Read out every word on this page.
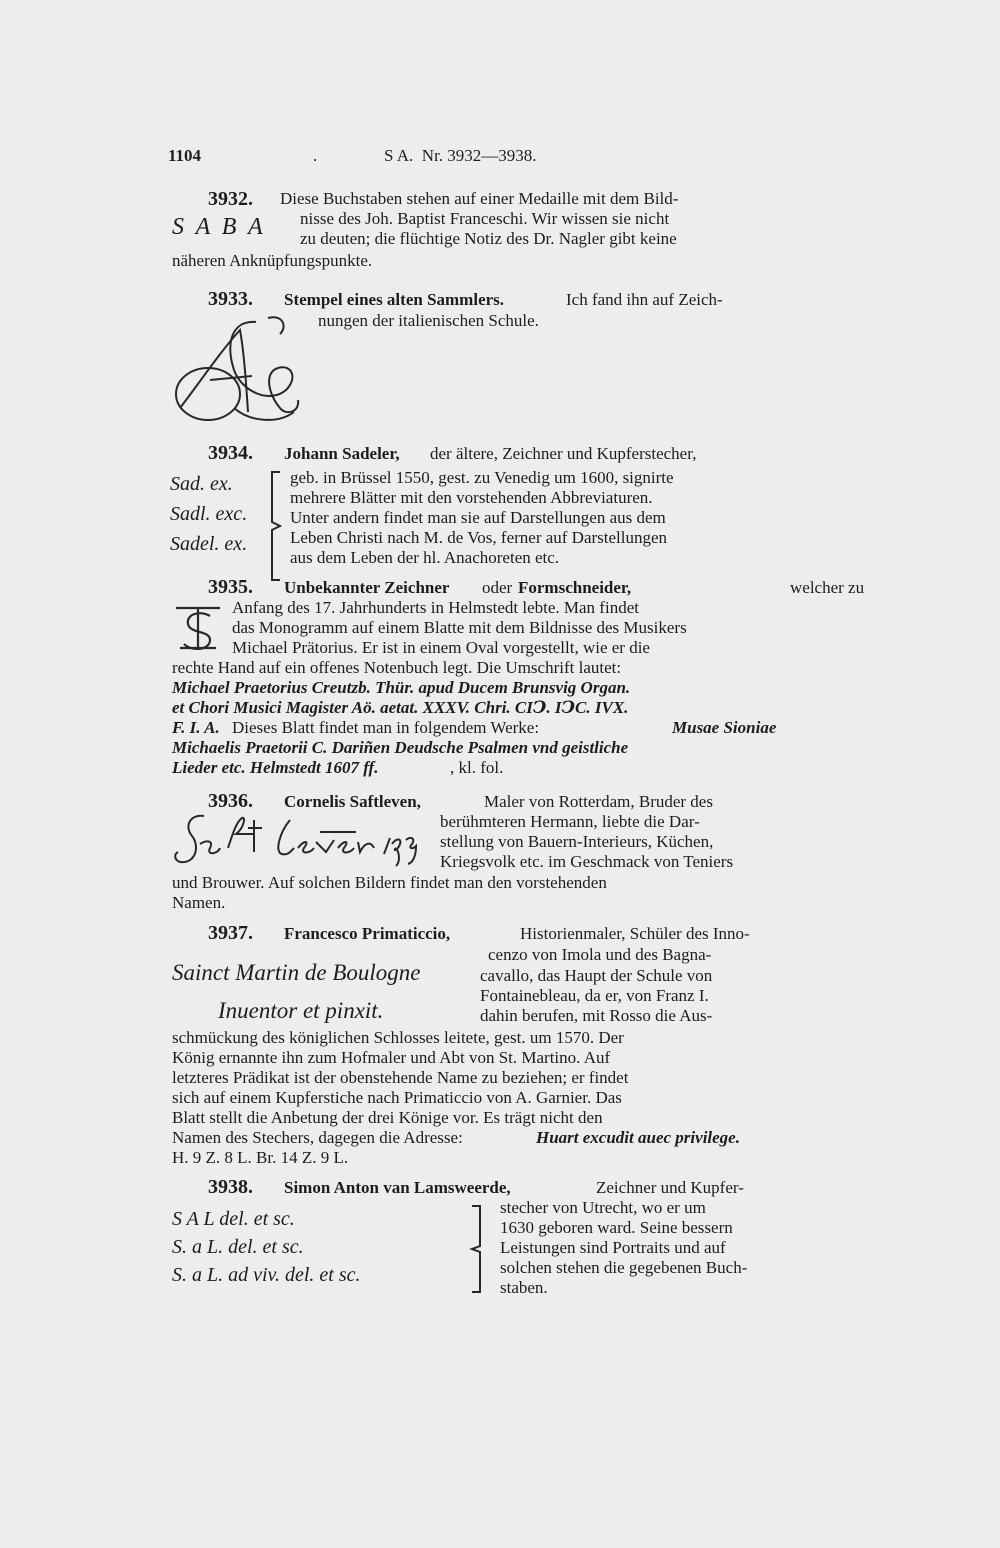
1104	.	S A.  Nr. 3932—3938.
3932. Diese Buchstaben stehen auf einer Medaille mit dem Bild-
S A B A nisse des Joh. Baptist Franceschi. Wir wissen sie nicht
zu deuten; die flüchtige Notiz des Dr. Nagler gibt keine
näheren Anknüpfungspunkte.
3933. Stempel eines alten Sammlers.	Ich fand ihn auf Zeich-
nungen der italienischen Schule.
3934. Johann Sadeler, der ältere, Zeichner und Kupferstecher,
Sad. ex.
Sadl. exc.
Sadel. ex.
geb. in Brüssel 1550, gest. zu Venedig um 1600, signirte
mehrere Blätter mit den vorstehenden Abbreviaturen.
Unter andern findet man sie auf Darstellungen aus dem
Leben Christi nach M. de Vos, ferner auf Darstellungen
aus dem Leben der hl. Anachoreten etc.
3935. Unbekannter Zeichner oder Formschneider,	welcher zu
Anfang des 17. Jahrhunderts in Helmstedt lebte. Man findet
das Monogramm auf einem Blatte mit dem Bildnisse des Musikers
Michael Prätorius. Er ist in einem Oval vorgestellt, wie er die
rechte Hand auf ein offenes Notenbuch legt. Die Umschrift lautet:
Michael Praetorius Creutzb. Thür. apud Ducem Brunsvig Organ.
et Chori Musici Magister Aö. aetat. XXXV. Chri. CIↃ. IↃC. IVX.
F. I. A. Dieses Blatt findet man in folgendem Werke:	Musae Sioniae
Michaelis Praetorii C. Dariñen Deudsche Psalmen vnd geistliche
Lieder etc. Helmstedt 1607 ff.	, kl. fol.
3936. Cornelis Saftleven,	Maler von Rotterdam, Bruder des
berühmteren Hermann, liebte die Dar-
stellung von Bauern-Interieurs, Küchen,
Kriegsvolk etc. im Geschmack von Teniers
und Brouwer. Auf solchen Bildern findet man den vorstehenden
Namen.
3937. Francesco Primaticcio,	Historienmaler, Schüler des Inno-
Sainct Martin de Boulogne
Inuentor et pinxit.
cenzo von Imola und des Bagna-
cavallo, das Haupt der Schule von
Fontainebleau, da er, von Franz I.
dahin berufen, mit Rosso die Aus-
schmückung des königlichen Schlosses leitete, gest. um 1570. Der
König ernannte ihn zum Hofmaler und Abt von St. Martino. Auf
letzteres Prädikat ist der obenstehende Name zu beziehen; er findet
sich auf einem Kupferstiche nach Primaticcio von A. Garnier. Das
Blatt stellt die Anbetung der drei Könige vor. Es trägt nicht den
Namen des Stechers, dagegen die Adresse:	Huart excudit auec privilege.
H. 9 Z. 8 L. Br. 14 Z. 9 L.
3938. Simon Anton van Lamsweerde,	Zeichner und Kupfer-
S A L del. et sc.
S. a L. del. et sc.
S. a L. ad viv. del. et sc.
stecher von Utrecht, wo er um
1630 geboren ward. Seine bessern
Leistungen sind Portraits und auf
solchen stehen die gegebenen Buch-
staben.
